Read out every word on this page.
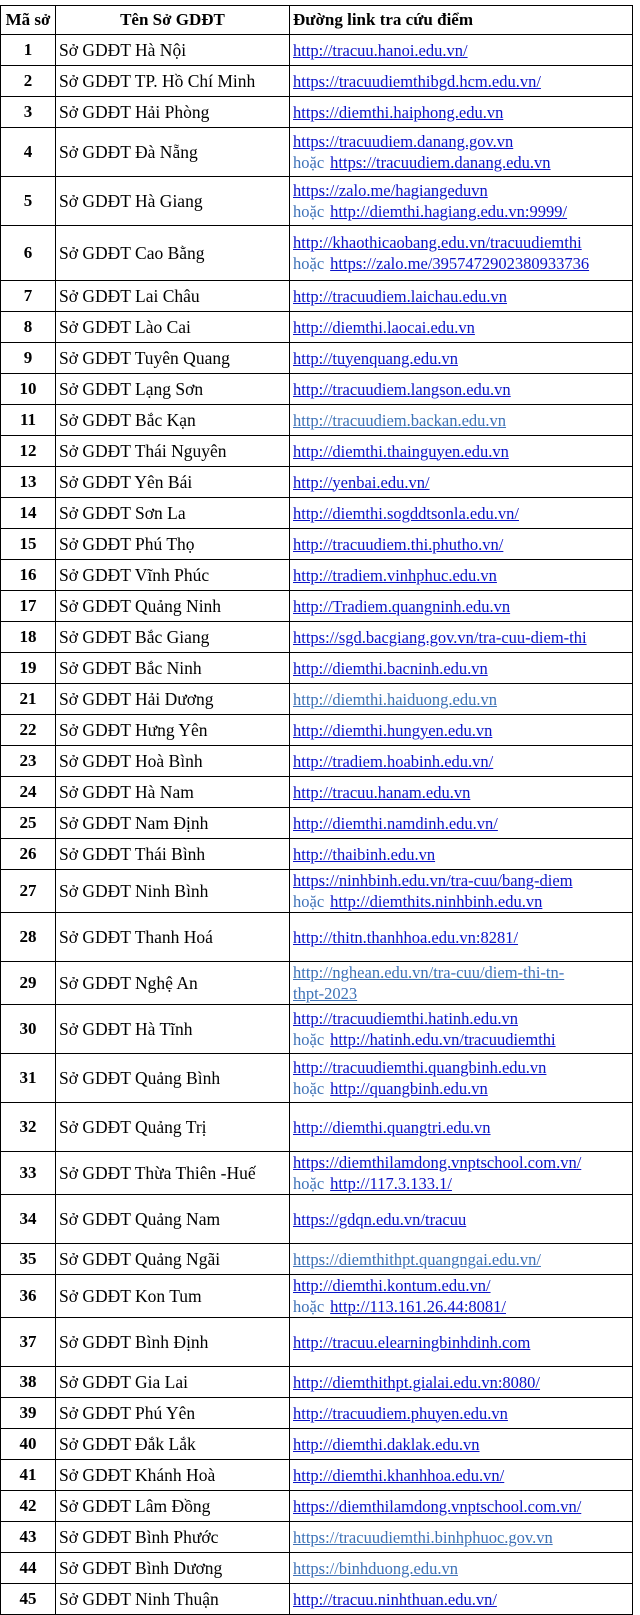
Mã sở	Tên Sở GDĐT	Đường link tra cứu điểm
1	Sở GDĐT Hà Nội	http://tracuu.hanoi.edu.vn/

2	Sở GDĐT TP. Hồ Chí Minh	https://tracuudiemthibgd.hcm.edu.vn/

3	Sở GDĐT Hải Phòng	https://diemthi.haiphong.edu.vn

4	Sở GDĐT Đà Nẵng	https://tracuudiem.danang.gov.vn
hoặc https://tracuudiem.danang.edu.vn

5	Sở GDĐT Hà Giang	https://zalo.me/hagiangeduvn
hoặc http://diemthi.hagiang.edu.vn:9999/

6	Sở GDĐT Cao Bằng	http://khaothicaobang.edu.vn/tracuudiemthi
hoặc https://zalo.me/3957472902380933736

7	Sở GDĐT Lai Châu	http://tracuudiem.laichau.edu.vn

8	Sở GDĐT Lào Cai	http://diemthi.laocai.edu.vn

9	Sở GDĐT Tuyên Quang	http://tuyenquang.edu.vn

10	Sở GDĐT Lạng Sơn	http://tracuudiem.langson.edu.vn

11	Sở GDĐT Bắc Kạn	http://tracuudiem.backan.edu.vn

12	Sở GDĐT Thái Nguyên	http://diemthi.thainguyen.edu.vn

13	Sở GDĐT Yên Bái	http://yenbai.edu.vn/

14	Sở GDĐT Sơn La	http://diemthi.sogddtsonla.edu.vn/

15	Sở GDĐT Phú Thọ	http://tracuudiem.thi.phutho.vn/

16	Sở GDĐT Vĩnh Phúc	http://tradiem.vinhphuc.edu.vn

17	Sở GDĐT Quảng Ninh	http://Tradiem.quangninh.edu.vn

18	Sở GDĐT Bắc Giang	https://sgd.bacgiang.gov.vn/tra-cuu-diem-thi

19	Sở GDĐT Bắc Ninh	http://diemthi.bacninh.edu.vn

21	Sở GDĐT Hải Dương	http://diemthi.haiduong.edu.vn

22	Sở GDĐT Hưng Yên	http://diemthi.hungyen.edu.vn

23	Sở GDĐT Hoà Bình	http://tradiem.hoabinh.edu.vn/

24	Sở GDĐT Hà Nam	http://tracuu.hanam.edu.vn

25	Sở GDĐT Nam Định	http://diemthi.namdinh.edu.vn/

26	Sở GDĐT Thái Bình	http://thaibinh.edu.vn

27	Sở GDĐT Ninh Bình	https://ninhbinh.edu.vn/tra-cuu/bang-diem
hoặc http://diemthits.ninhbinh.edu.vn

28	Sở GDĐT Thanh Hoá	http://thitn.thanhhoa.edu.vn:8281/

29	Sở GDĐT Nghệ An	http://nghean.edu.vn/tra-cuu/diem-thi-tn-
thpt-2023

30	Sở GDĐT Hà Tĩnh	http://tracuudiemthi.hatinh.edu.vn
hoặc http://hatinh.edu.vn/tracuudiemthi

31	Sở GDĐT Quảng Bình	http://tracuudiemthi.quangbinh.edu.vn
hoặc http://quangbinh.edu.vn

32	Sở GDĐT Quảng Trị	http://diemthi.quangtri.edu.vn

33	Sở GDĐT Thừa Thiên -Huế	https://diemthilamdong.vnptschool.com.vn/
hoặc http://117.3.133.1/

34	Sở GDĐT Quảng Nam	https://gdqn.edu.vn/tracuu

35	Sở GDĐT Quảng Ngãi	https://diemthithpt.quangngai.edu.vn/

36	Sở GDĐT Kon Tum	http://diemthi.kontum.edu.vn/
hoặc http://113.161.26.44:8081/

37	Sở GDĐT Bình Định	http://tracuu.elearningbinhdinh.com

38	Sở GDĐT Gia Lai	http://diemthithpt.gialai.edu.vn:8080/

39	Sở GDĐT Phú Yên	http://tracuudiem.phuyen.edu.vn

40	Sở GDĐT Đắk Lắk	http://diemthi.daklak.edu.vn

41	Sở GDĐT Khánh Hoà	http://diemthi.khanhhoa.edu.vn/

42	Sở GDĐT Lâm Đồng	https://diemthilamdong.vnptschool.com.vn/

43	Sở GDĐT Bình Phước	https://tracuudiemthi.binhphuoc.gov.vn

44	Sở GDĐT Bình Dương	https://binhduong.edu.vn

45	Sở GDĐT Ninh Thuận	http://tracuu.ninhthuan.edu.vn/
